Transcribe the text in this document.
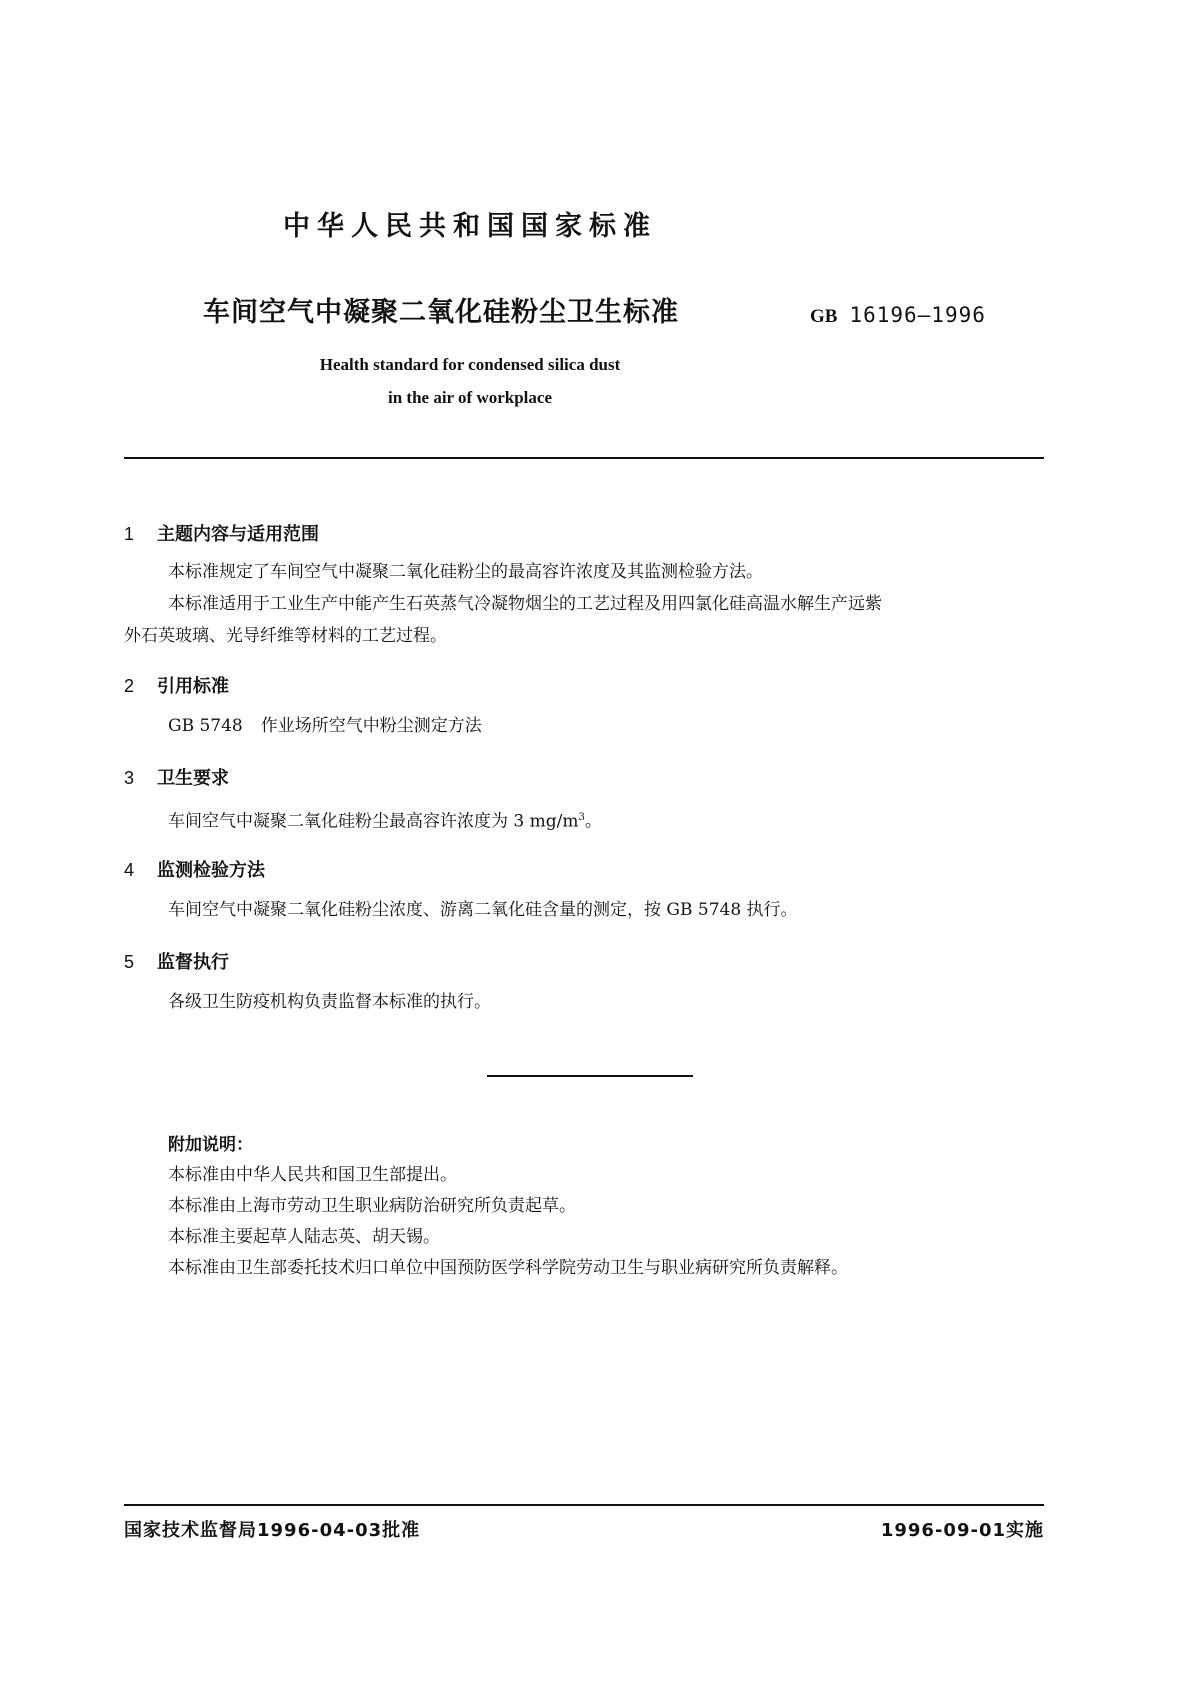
中华人民共和国国家标准
车间空气中凝聚二氧化硅粉尘卫生标准	GB 16196—1996
Health standard for condensed silica dust
in the air of workplace
1 主题内容与适用范围
本标准规定了车间空气中凝聚二氧化硅粉尘的最高容许浓度及其监测检验方法。
本标准适用于工业生产中能产生石英蒸气冷凝物烟尘的工艺过程及用四氯化硅高温水解生产远紫
外石英玻璃、光导纤维等材料的工艺过程。
2 引用标准
GB 5748 作业场所空气中粉尘测定方法
3 卫生要求
车间空气中凝聚二氧化硅粉尘最高容许浓度为 3 $mg/m^3$。
4 监测检验方法
车间空气中凝聚二氧化硅粉尘浓度、游离二氧化硅含量的测定，按 GB 5748 执行。
5 监督执行
各级卫生防疫机构负责监督本标准的执行。
附加说明：
本标准由中华人民共和国卫生部提出。
本标准由上海市劳动卫生职业病防治研究所负责起草。
本标准主要起草人陆志英、胡天锡。
本标准由卫生部委托技术归口单位中国预防医学科学院劳动卫生与职业病研究所负责解释。
国家技术监督局1996-04-03批准	1996-09-01实施
